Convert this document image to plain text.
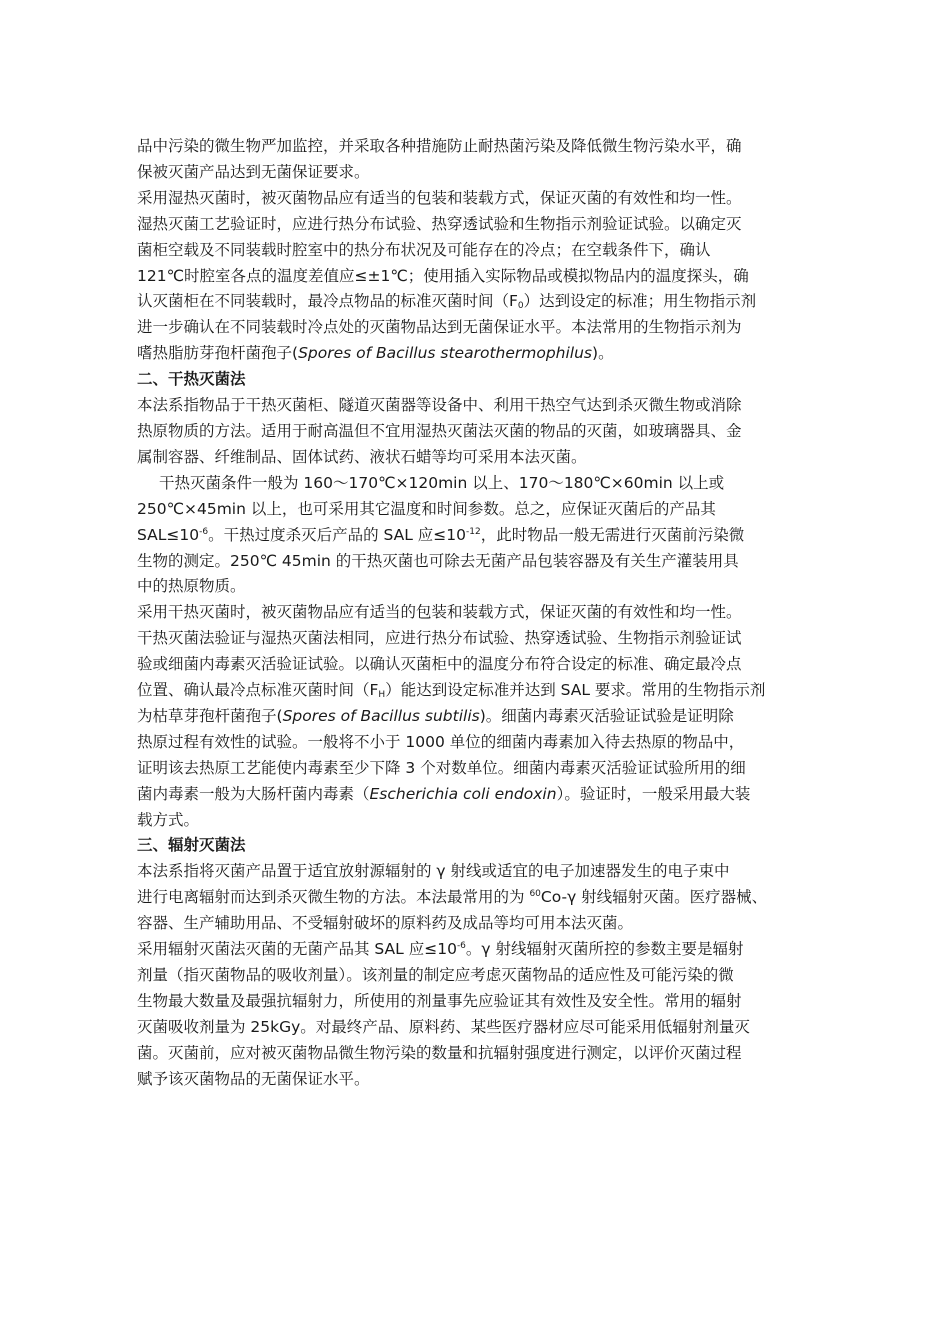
品中污染的微生物严加监控，并采取各种措施防止耐热菌污染及降低微生物污染水平，确
保被灭菌产品达到无菌保证要求。
采用湿热灭菌时，被灭菌物品应有适当的包装和装载方式，保证灭菌的有效性和均一性。
湿热灭菌工艺验证时，应进行热分布试验、热穿透试验和生物指示剂验证试验。以确定灭
菌柜空载及不同装载时腔室中的热分布状况及可能存在的冷点；在空载条件下，确认
121℃时腔室各点的温度差值应≤±1℃；使用插入实际物品或模拟物品内的温度探头，确
认灭菌柜在不同装载时，最冷点物品的标准灭菌时间$(F_0)$达到设定的标准；用生物指示剂
进一步确认在不同装载时冷点处的灭菌物品达到无菌保证水平。本法常用的生物指示剂为
嗜热脂肪芽孢杆菌孢子(Spores of Bacillus stearothermophilus)。
二、干热灭菌法
本法系指物品于干热灭菌柜、隧道灭菌器等设备中、利用干热空气达到杀灭微生物或消除
热原物质的方法。适用于耐高温但不宜用湿热灭菌法灭菌的物品的灭菌，如玻璃器具、金
属制容器、纤维制品、固体试药、液状石蜡等均可采用本法灭菌。
干热灭菌条件一般为 160～170℃×120min 以上、170～180℃×60min 以上或
250℃×45min 以上，也可采用其它温度和时间参数。总之，应保证灭菌后的产品其
$SAL\le 10^{-6}$。干热过度杀灭后产品的 SAL 应$\le 10^{-12}$，此时物品一般无需进行灭菌前污染微
生物的测定。250℃ 45min 的干热灭菌也可除去无菌产品包装容器及有关生产灌装用具
中的热原物质。
采用干热灭菌时，被灭菌物品应有适当的包装和装载方式，保证灭菌的有效性和均一性。
干热灭菌法验证与湿热灭菌法相同，应进行热分布试验、热穿透试验、生物指示剂验证试
验或细菌内毒素灭活验证试验。以确认灭菌柜中的温度分布符合设定的标准、确定最冷点
位置、确认最冷点标准灭菌时间$(F_H)$能达到设定标准并达到 SAL 要求。常用的生物指示剂
为枯草芽孢杆菌孢子(Spores of Bacillus subtilis)。细菌内毒素灭活验证试验是证明除
热原过程有效性的试验。一般将不小于 1000 单位的细菌内毒素加入待去热原的物品中，
证明该去热原工艺能使内毒素至少下降 3 个对数单位。细菌内毒素灭活验证试验所用的细
菌内毒素一般为大肠杆菌内毒素（Escherichia coli endoxin）。验证时，一般采用最大装
载方式。
三、辐射灭菌法
本法系指将灭菌产品置于适宜放射源辐射的 γ 射线或适宜的电子加速器发生的电子束中
进行电离辐射而达到杀灭微生物的方法。本法最常用的为 $^{60}$Co-γ 射线辐射灭菌。医疗器械、
容器、生产辅助用品、不受辐射破坏的原料药及成品等均可用本法灭菌。
采用辐射灭菌法灭菌的无菌产品其 SAL 应$\le 10^{-6}$。γ 射线辐射灭菌所控的参数主要是辐射
剂量（指灭菌物品的吸收剂量）。该剂量的制定应考虑灭菌物品的适应性及可能污染的微
生物最大数量及最强抗辐射力，所使用的剂量事先应验证其有效性及安全性。常用的辐射
灭菌吸收剂量为 25kGy。对最终产品、原料药、某些医疗器材应尽可能采用低辐射剂量灭
菌。灭菌前，应对被灭菌物品微生物污染的数量和抗辐射强度进行测定，以评价灭菌过程
赋予该灭菌物品的无菌保证水平。
